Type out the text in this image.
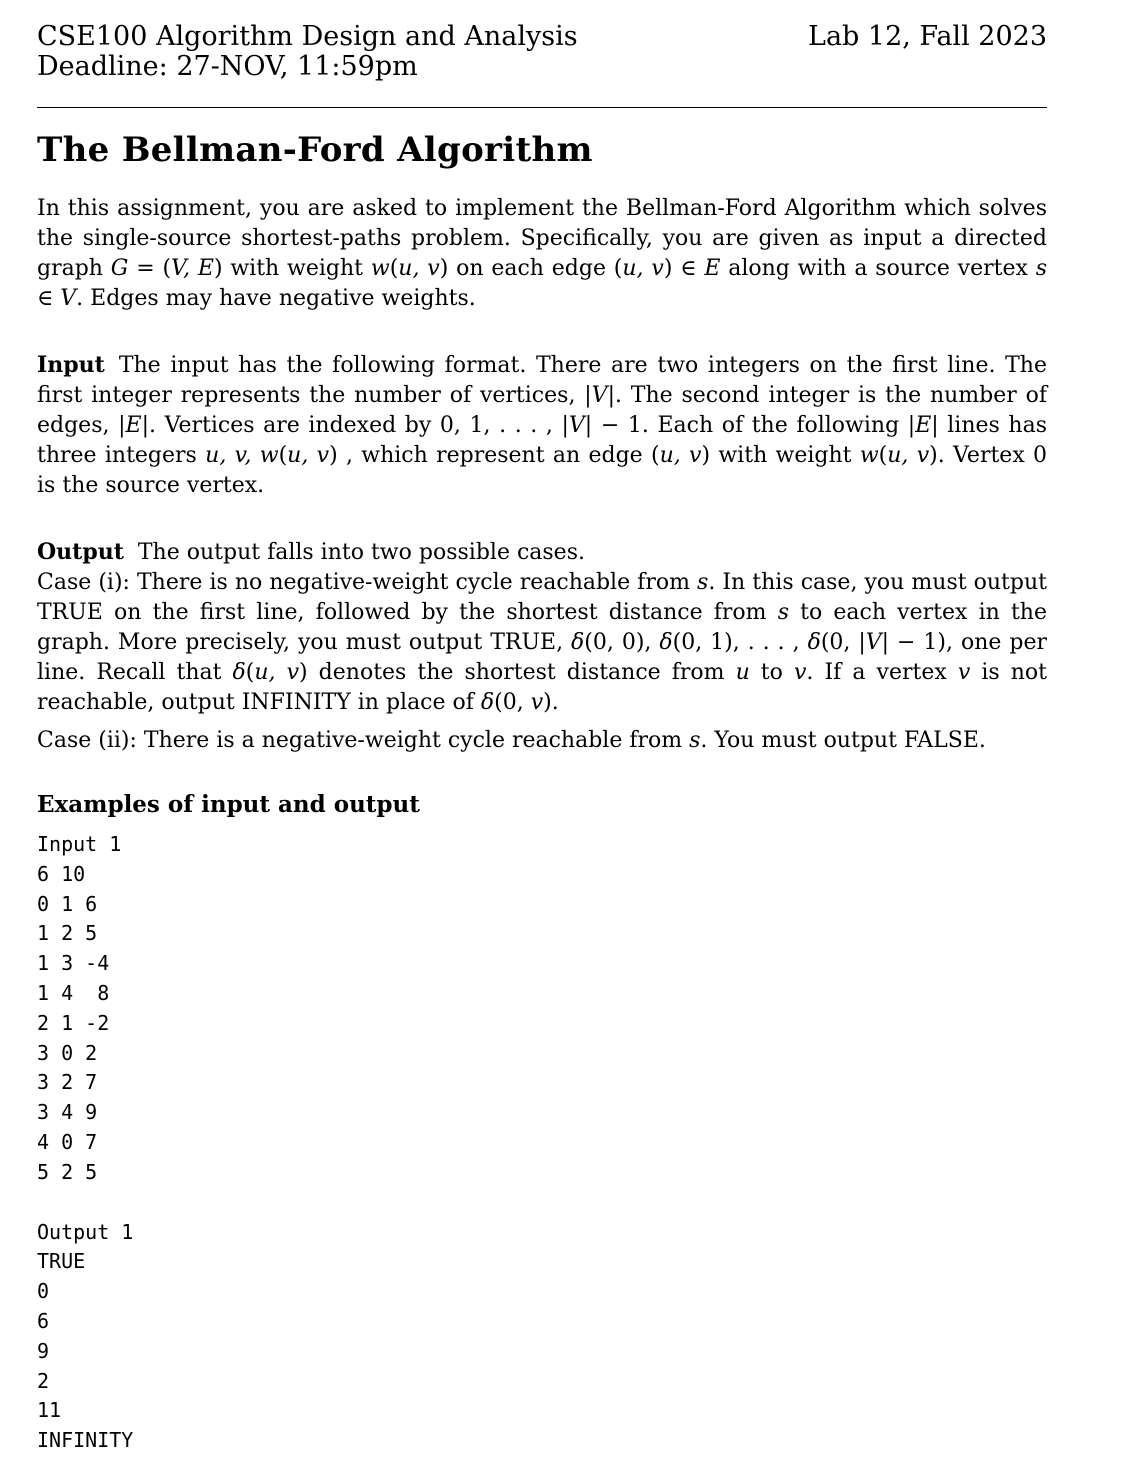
CSE100 Algorithm Design and Analysis
Deadline: 27-NOV, 11:59pm
Lab 12, Fall 2023
The Bellman-Ford Algorithm

In this assignment, you are asked to implement the Bellman-Ford Algorithm which solves the single-source shortest-paths problem. Specifically, you are given as input a directed graph G = (V, E) with weight w(u, v) on each edge (u, v) ∈ E along with a source vertex s ∈ V. Edges may have negative weights.

Input The input has the following format. There are two integers on the first line. The first integer represents the number of vertices, |V|. The second integer is the number of edges, |E|. Vertices are indexed by 0, 1, . . . , |V| − 1. Each of the following |E| lines has three integers u, v, w(u, v) , which represent an edge (u, v) with weight w(u, v). Vertex 0 is the source vertex.

Output The output falls into two possible cases.
Case (i): There is no negative-weight cycle reachable from s. In this case, you must output TRUE on the first line, followed by the shortest distance from s to each vertex in the graph. More precisely, you must output TRUE, δ(0, 0), δ(0, 1), . . . , δ(0, |V| − 1), one per line. Recall that δ(u, v) denotes the shortest distance from u to v. If a vertex v is not reachable, output INFINITY in place of δ(0, v).

Case (ii): There is a negative-weight cycle reachable from s. You must output FALSE.

Examples of input and output
Input 1
6 10
0 1 6
1 2 5
1 3 -4
1 4  8
2 1 -2
3 0 2
3 2 7
3 4 9
4 0 7
5 2 5
Output 1
TRUE
0
6
9
2
11
INFINITY
